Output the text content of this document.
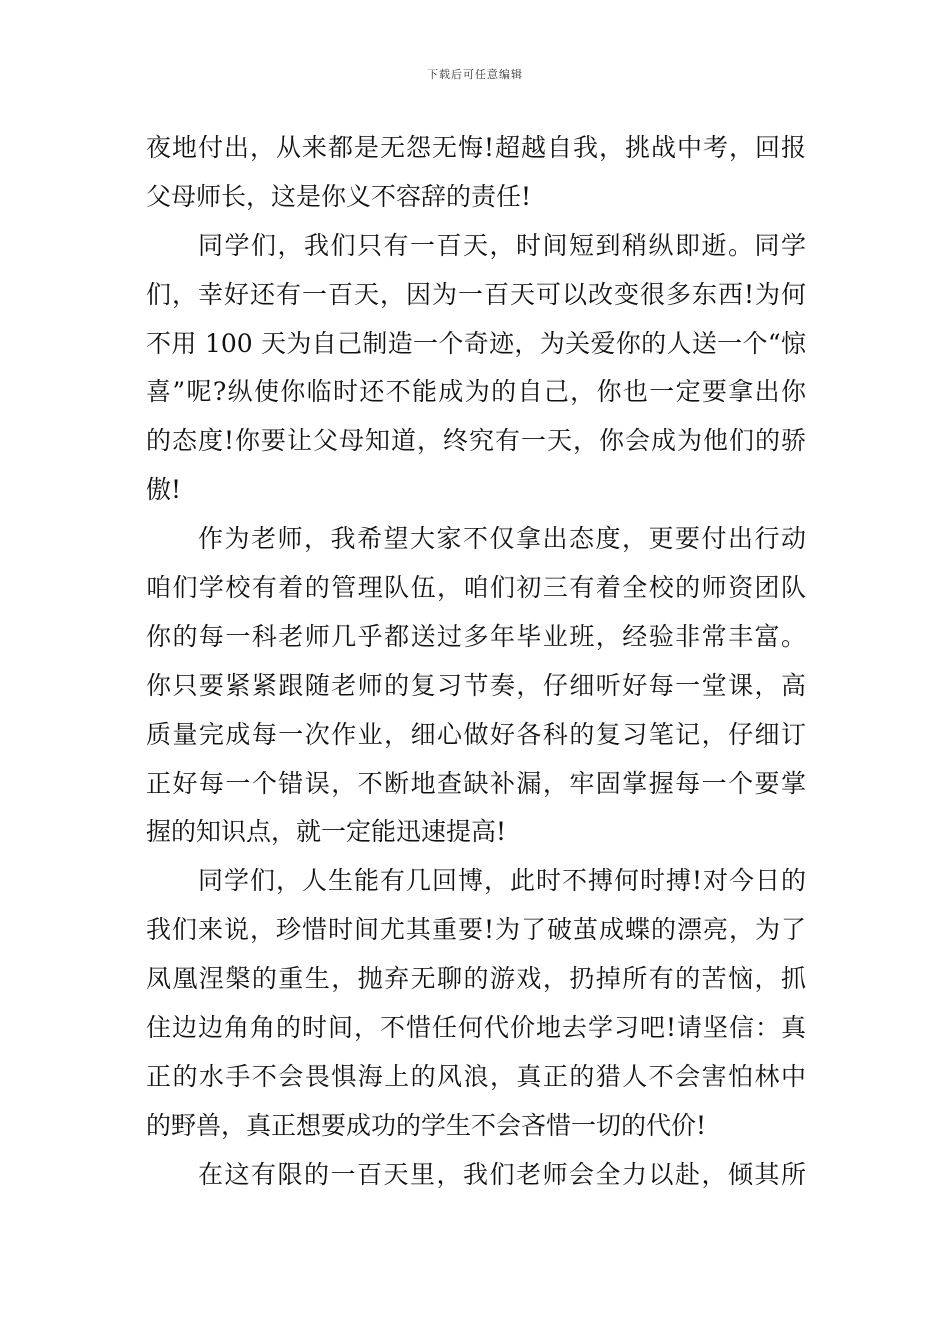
下载后可任意编辑
夜地付出，从来都是无怨无悔!超越自我，挑战中考，回报
父母师长，这是你义不容辞的责任!
同学们，我们只有一百天，时间短到稍纵即逝。同学
们，幸好还有一百天，因为一百天可以改变很多东西!为何
不用 100 天为自己制造一个奇迹，为关爱你的人送一个“惊
喜”呢?纵使你临时还不能成为的自己，你也一定要拿出你
的态度!你要让父母知道，终究有一天，你会成为他们的骄
傲!
作为老师，我希望大家不仅拿出态度，更要付出行动
咱们学校有着的管理队伍，咱们初三有着全校的师资团队
你的每一科老师几乎都送过多年毕业班，经验非常丰富。
你只要紧紧跟随老师的复习节奏，仔细听好每一堂课，高
质量完成每一次作业，细心做好各科的复习笔记，仔细订
正好每一个错误，不断地查缺补漏，牢固掌握每一个要掌
握的知识点，就一定能迅速提高!
同学们，人生能有几回博，此时不搏何时搏!对今日的
我们来说，珍惜时间尤其重要!为了破茧成蝶的漂亮，为了
凤凰涅槃的重生，抛弃无聊的游戏，扔掉所有的苦恼，抓
住边边角角的时间，不惜任何代价地去学习吧!请坚信：真
正的水手不会畏惧海上的风浪，真正的猎人不会害怕林中
的野兽，真正想要成功的学生不会吝惜一切的代价!
在这有限的一百天里，我们老师会全力以赴，倾其所
